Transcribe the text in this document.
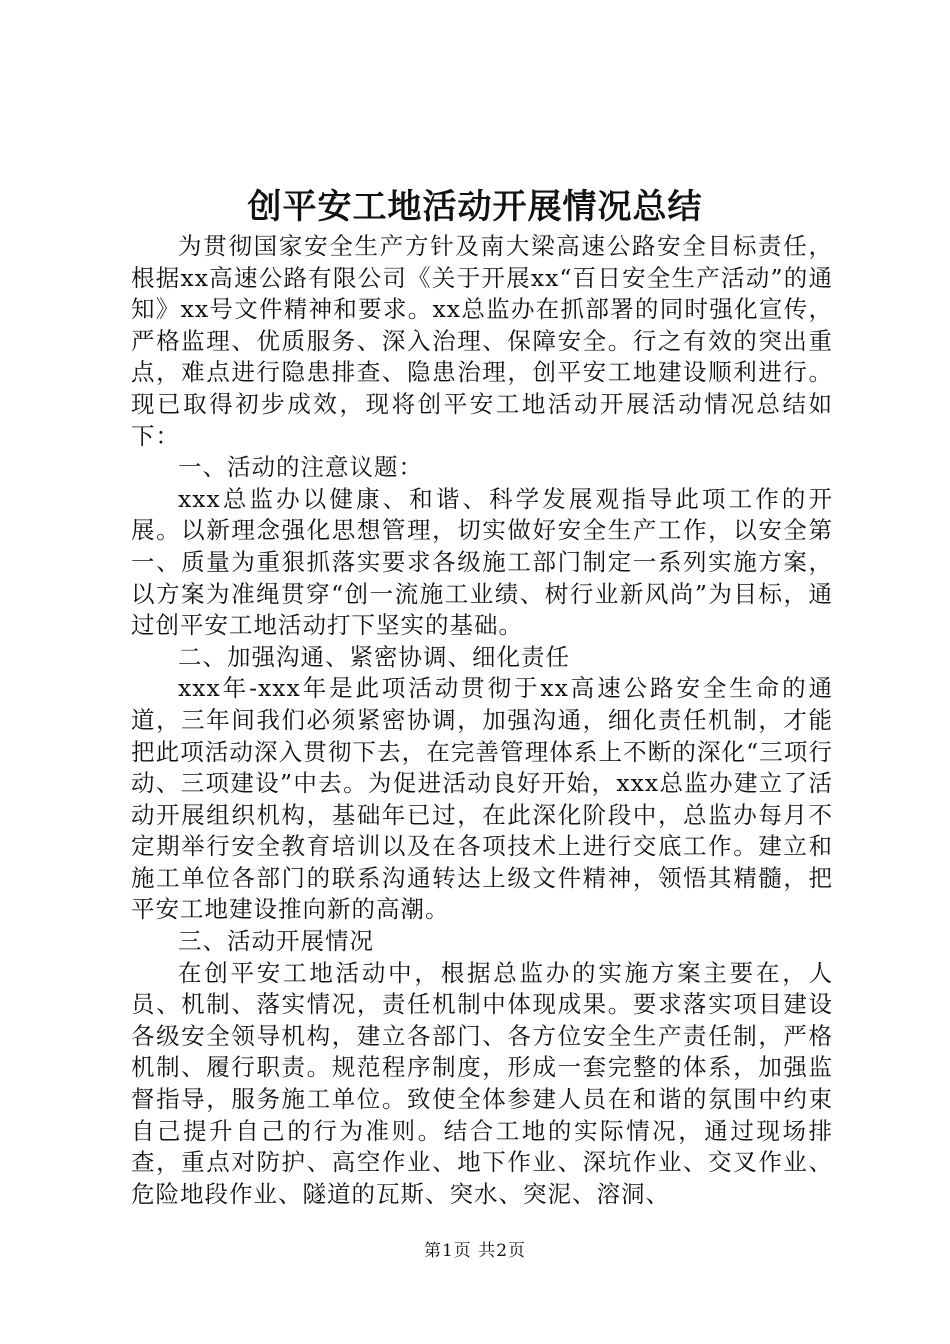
创平安工地活动开展情况总结

为贯彻国家安全生产方针及南大梁高速公路安全目标责任，根据xx高速公路有限公司《关于开展xx“百日安全生产活动”的通知》xx号文件精神和要求。xx总监办在抓部署的同时强化宣传，严格监理、优质服务、深入治理、保障安全。行之有效的突出重点，难点进行隐患排查、隐患治理，创平安工地建设顺利进行。现已取得初步成效，现将创平安工地活动开展活动情况总结如下：

一、活动的注意议题：

xxx总监办以健康、和谐、科学发展观指导此项工作的开展。以新理念强化思想管理，切实做好安全生产工作，以安全第一、质量为重狠抓落实要求各级施工部门制定一系列实施方案，以方案为准绳贯穿“创一流施工业绩、树行业新风尚”为目标，通过创平安工地活动打下坚实的基础。

二、加强沟通、紧密协调、细化责任

xxx年-xxx年是此项活动贯彻于xx高速公路安全生命的通道，三年间我们必须紧密协调，加强沟通，细化责任机制，才能把此项活动深入贯彻下去，在完善管理体系上不断的深化“三项行动、三项建设”中去。为促进活动良好开始，xxx总监办建立了活动开展组织机构，基础年已过，在此深化阶段中，总监办每月不定期举行安全教育培训以及在各项技术上进行交底工作。建立和施工单位各部门的联系沟通转达上级文件精神，领悟其精髓，把平安工地建设推向新的高潮。

三、活动开展情况

在创平安工地活动中，根据总监办的实施方案主要在，人员、机制、落实情况，责任机制中体现成果。要求落实项目建设各级安全领导机构，建立各部门、各方位安全生产责任制，严格机制、履行职责。规范程序制度，形成一套完整的体系，加强监督指导，服务施工单位。致使全体参建人员在和谐的氛围中约束自己提升自己的行为准则。结合工地的实际情况，通过现场排查，重点对防护、高空作业、地下作业、深坑作业、交叉作业、危险地段作业、隧道的瓦斯、突水、突泥、溶洞、

第1页 共2页
